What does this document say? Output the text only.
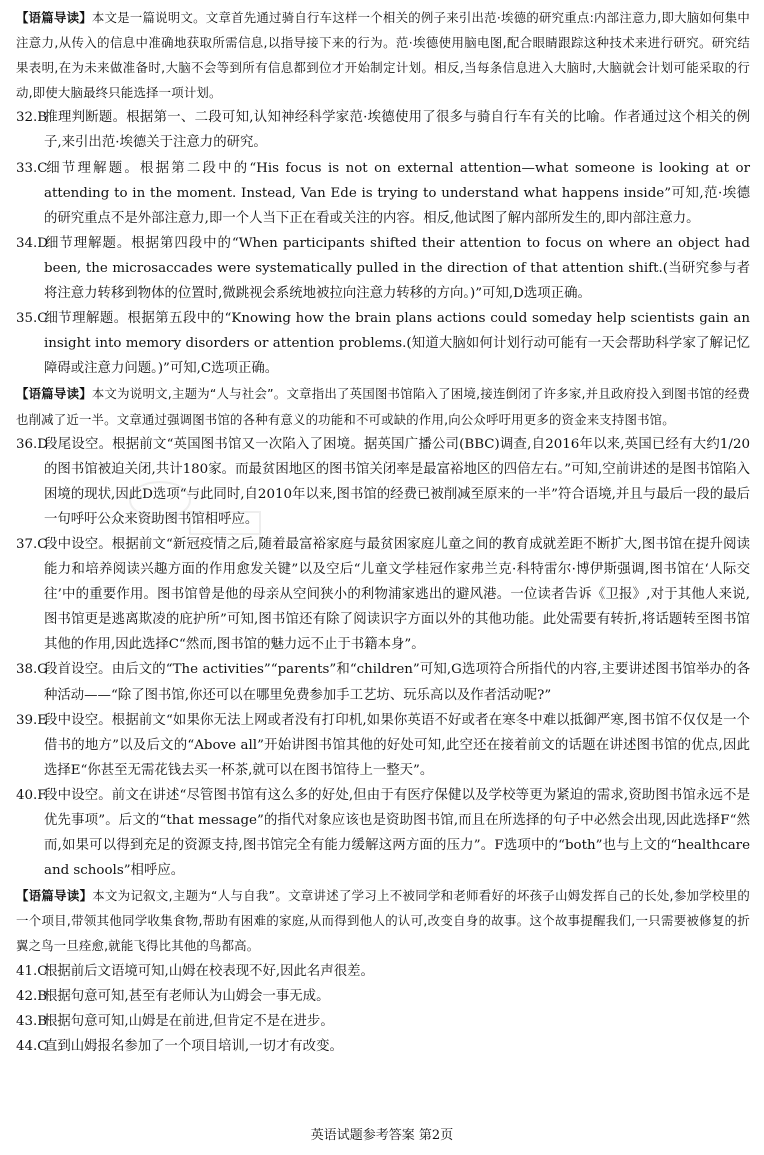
【语篇导读】本文是一篇说明文。文章首先通过骑自行车这样一个相关的例子来引出范·埃德的研究重点:内部注意力,即大脑如何集中注意力,从传入的信息中准确地获取所需信息,以指导接下来的行为。范·埃德使用脑电图,配合眼睛跟踪这种技术来进行研究。研究结果表明,在为未来做准备时,大脑不会等到所有信息都到位才开始制定计划。相反,当每条信息进入大脑时,大脑就会计划可能采取的行动,即使大脑最终只能选择一项计划。
32.B推理判断题。根据第一、二段可知,认知神经科学家范·埃德使用了很多与骑自行车有关的比喻。作者通过这个相关的例子,来引出范·埃德关于注意力的研究。
33.C细节理解题。根据第二段中的“His focus is not on external attention—what someone is looking at or attending to in the moment. Instead, Van Ede is trying to understand what happens inside”可知,范·埃德的研究重点不是外部注意力,即一个人当下正在看或关注的内容。相反,他试图了解内部所发生的,即内部注意力。
34.D细节理解题。根据第四段中的“When participants shifted their attention to focus on where an object had been, the microsaccades were systematically pulled in the direction of that attention shift.(当研究参与者将注意力转移到物体的位置时,微跳视会系统地被拉向注意力转移的方向。)”可知,D选项正确。
35.C细节理解题。根据第五段中的“Knowing how the brain plans actions could someday help scientists gain an insight into memory disorders or attention problems.(知道大脑如何计划行动可能有一天会帮助科学家了解记忆障碍或注意力问题。)”可知,C选项正确。
【语篇导读】本文为说明文,主题为“人与社会”。文章指出了英国图书馆陷入了困境,接连倒闭了许多家,并且政府投入到图书馆的经费也削减了近一半。文章通过强调图书馆的各种有意义的功能和不可或缺的作用,向公众呼吁用更多的资金来支持图书馆。
36.D段尾设空。根据前文“英国图书馆又一次陷入了困境。据英国广播公司(BBC)调查,自2016年以来,英国已经有大约1/20的图书馆被迫关闭,共计180家。而最贫困地区的图书馆关闭率是最富裕地区的四倍左右。”可知,空前讲述的是图书馆陷入困境的现状,因此D选项“与此同时,自2010年以来,图书馆的经费已被削减至原来的一半”符合语境,并且与最后一段的最后一句呼吁公众来资助图书馆相呼应。
37.C段中设空。根据前文“新冠疫情之后,随着最富裕家庭与最贫困家庭儿童之间的教育成就差距不断扩大,图书馆在提升阅读能力和培养阅读兴趣方面的作用愈发关键”以及空后“儿童文学桂冠作家弗兰克·科特雷尔·博伊斯强调,图书馆在‘人际交往’中的重要作用。图书馆曾是他的母亲从空间狭小的利物浦家逃出的避风港。一位读者告诉《卫报》,对于其他人来说,图书馆更是逃离欺凌的庇护所”可知,图书馆还有除了阅读识字方面以外的其他功能。此处需要有转折,将话题转至图书馆其他的作用,因此选择C“然而,图书馆的魅力远不止于书籍本身”。
38.G段首设空。由后文的“The activities”“parents”和“children”可知,G选项符合所指代的内容,主要讲述图书馆举办的各种活动——“除了图书馆,你还可以在哪里免费参加手工艺坊、玩乐高以及作者活动呢?”
39.E段中设空。根据前文“如果你无法上网或者没有打印机,如果你英语不好或者在寒冬中难以抵御严寒,图书馆不仅仅是一个借书的地方”以及后文的“Above all”开始讲图书馆其他的好处可知,此空还在接着前文的话题在讲述图书馆的优点,因此选择E“你甚至无需花钱去买一杯茶,就可以在图书馆待上一整天”。
40.F段中设空。前文在讲述“尽管图书馆有这么多的好处,但由于有医疗保健以及学校等更为紧迫的需求,资助图书馆永远不是优先事项”。后文的“that message”的指代对象应该也是资助图书馆,而且在所选择的句子中必然会出现,因此选择F“然而,如果可以得到充足的资源支持,图书馆完全有能力缓解这两方面的压力”。F选项中的“both”也与上文的“healthcare and schools”相呼应。
【语篇导读】本文为记叙文,主题为“人与自我”。文章讲述了学习上不被同学和老师看好的坏孩子山姆发挥自己的长处,参加学校里的一个项目,带领其他同学收集食物,帮助有困难的家庭,从而得到他人的认可,改变自身的故事。这个故事提醒我们,一只需要被修复的折翼之鸟一旦痊愈,就能飞得比其他的鸟都高。
41.C根据前后文语境可知,山姆在校表现不好,因此名声很差。
42.B根据句意可知,甚至有老师认为山姆会一事无成。
43.B根据句意可知,山姆是在前进,但肯定不是在进步。
44.C直到山姆报名参加了一个项目培训,一切才有改变。
英语试题参考答案 第2页
